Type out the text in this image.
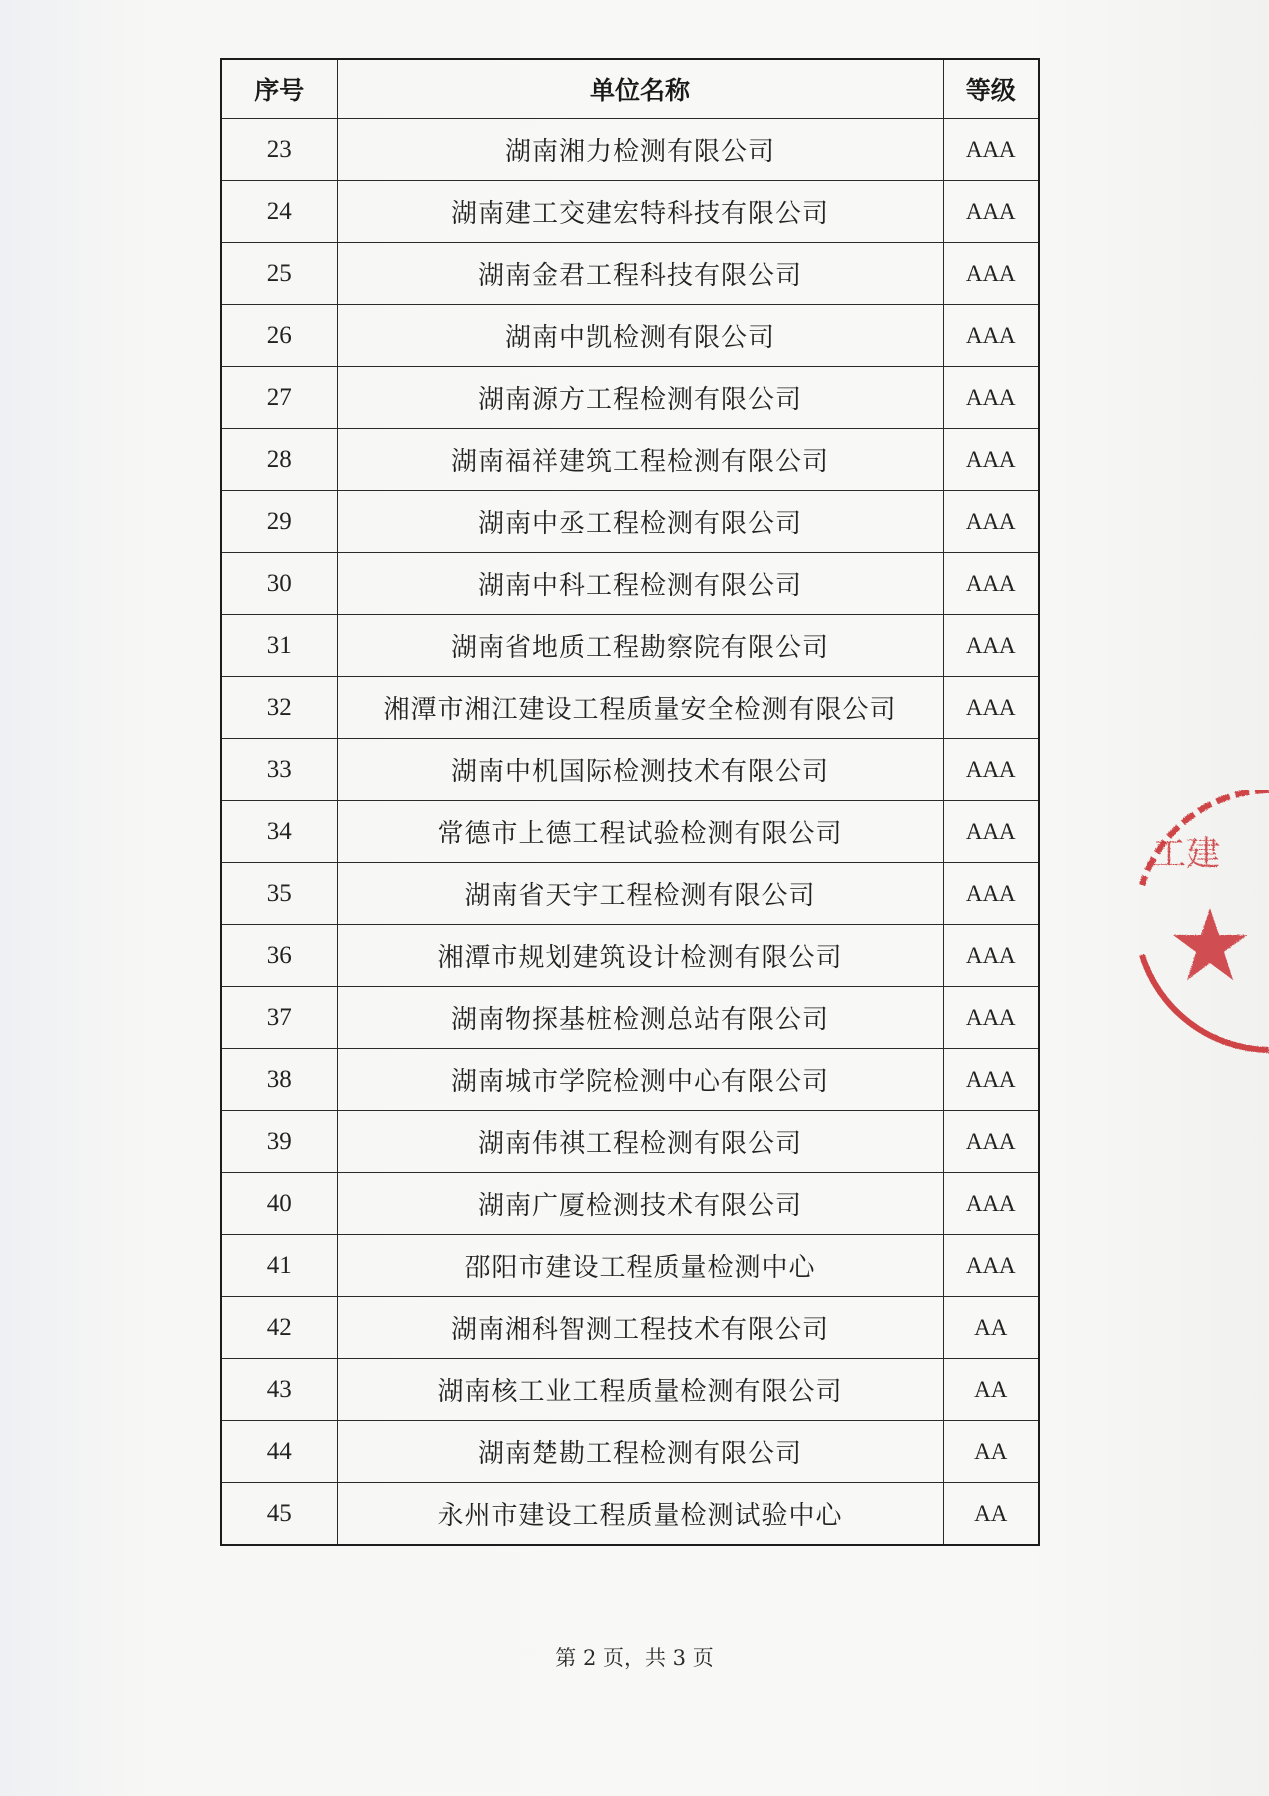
序号	单位名称	等级
23	湖南湘力检测有限公司	AAA
24	湖南建工交建宏特科技有限公司	AAA
25	湖南金君工程科技有限公司	AAA
26	湖南中凯检测有限公司	AAA
27	湖南源方工程检测有限公司	AAA
28	湖南福祥建筑工程检测有限公司	AAA
29	湖南中丞工程检测有限公司	AAA
30	湖南中科工程检测有限公司	AAA
31	湖南省地质工程勘察院有限公司	AAA
32	湘潭市湘江建设工程质量安全检测有限公司	AAA
33	湖南中机国际检测技术有限公司	AAA
34	常德市上德工程试验检测有限公司	AAA
35	湖南省天宇工程检测有限公司	AAA
36	湘潭市规划建筑设计检测有限公司	AAA
37	湖南物探基桩检测总站有限公司	AAA
38	湖南城市学院检测中心有限公司	AAA
39	湖南伟祺工程检测有限公司	AAA
40	湖南广厦检测技术有限公司	AAA
41	邵阳市建设工程质量检测中心	AAA
42	湖南湘科智测工程技术有限公司	AA
43	湖南核工业工程质量检测有限公司	AA
44	湖南楚勘工程检测有限公司	AA
45	永州市建设工程质量检测试验中心	AA
第 2 页，共 3 页
工建
